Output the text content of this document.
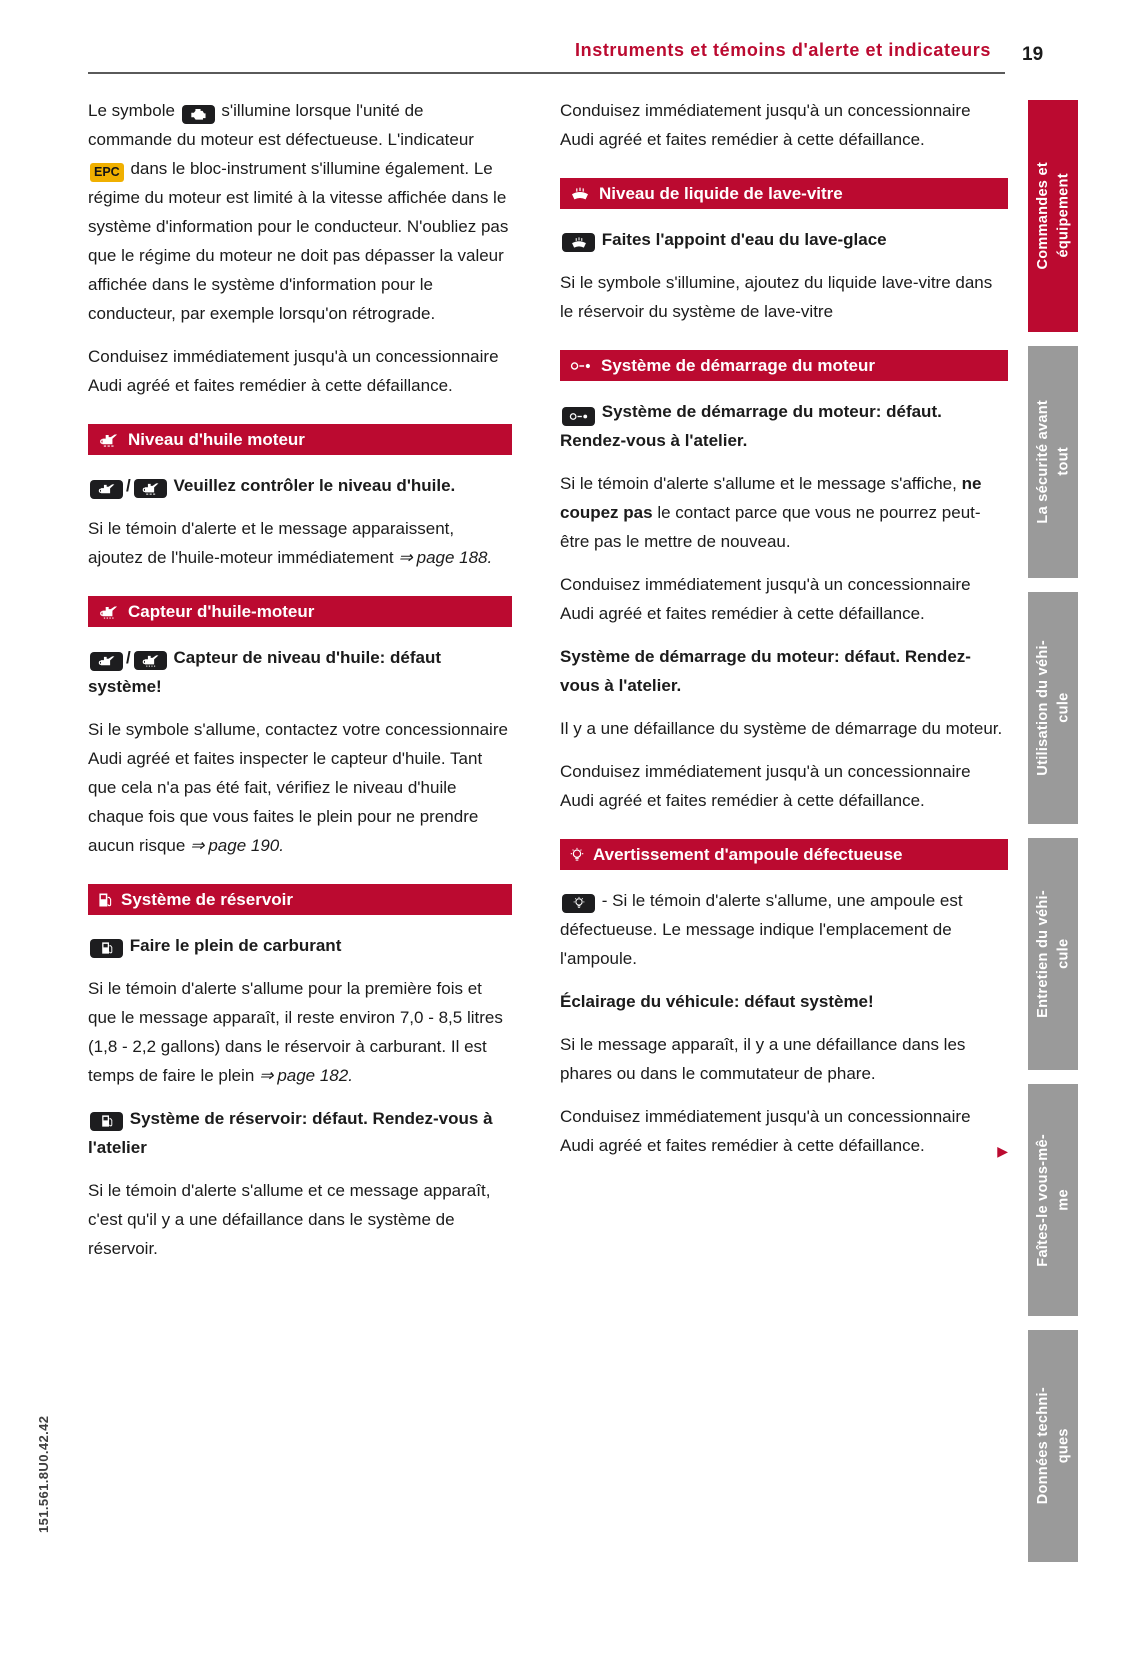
Instruments et témoins d'alerte et indicateurs	19

Le symbole	s'illumine lorsque l'unité de commande du moteur est défectueuse. L'indicateur EPC dans le bloc-instrument s'illumine également. Le régime du moteur est limité à la vitesse affichée dans le système d'information pour le conducteur. N'oubliez pas que le régime du moteur ne doit pas dépasser la valeur affichée dans le système d'information pour le conducteur, par exemple lorsqu'on rétrograde.

Conduisez immédiatement jusqu'à un concessionnaire Audi agréé et faites remédier à cette défaillance.

Niveau d'huile moteur

/	Veuillez contrôler le niveau d'huile.

Si le témoin d'alerte et le message apparaissent, ajoutez de l'huile-moteur immédiatement ⇒ page 188.

Capteur d'huile-moteur

/	Capteur de niveau d'huile: défaut système!

Si le symbole s'allume, contactez votre concessionnaire Audi agréé et faites inspecter le capteur d'huile. Tant que cela n'a pas été fait, vérifiez le niveau d'huile chaque fois que vous faites le plein pour ne prendre aucun risque ⇒ page 190.

Système de réservoir

Faire le plein de carburant

Si le témoin d'alerte s'allume pour la première fois et que le message apparaît, il reste environ 7,0 - 8,5 litres (1,8 - 2,2 gallons) dans le réservoir à carburant. Il est temps de faire le plein ⇒ page 182.

Système de réservoir: défaut. Rendez-vous à l'atelier

Si le témoin d'alerte s'allume et ce message apparaît, c'est qu'il y a une défaillance dans le système de réservoir.

Conduisez immédiatement jusqu'à un concessionnaire Audi agréé et faites remédier à cette défaillance.

Niveau de liquide de lave-vitre

Faites l'appoint d'eau du lave-glace

Si le symbole s'illumine, ajoutez du liquide lave-vitre dans le réservoir du système de lave-vitre

Système de démarrage du moteur

Système de démarrage du moteur: défaut. Rendez-vous à l'atelier.

Si le témoin d'alerte s'allume et le message s'affiche, ne coupez pas le contact parce que vous ne pourrez peut-être pas le mettre de nouveau.

Conduisez immédiatement jusqu'à un concessionnaire Audi agréé et faites remédier à cette défaillance.

Système de démarrage du moteur: défaut. Rendez-vous à l'atelier.

Il y a une défaillance du système de démarrage du moteur.

Conduisez immédiatement jusqu'à un concessionnaire Audi agréé et faites remédier à cette défaillance.

Avertissement d'ampoule défectueuse

- Si le témoin d'alerte s'allume, une ampoule est défectueuse. Le message indique l'emplacement de l'ampoule.

Éclairage du véhicule: défaut système!

Si le message apparaît, il y a une défaillance dans les phares ou dans le commutateur de phare.

Conduisez immédiatement jusqu'à un concessionnaire Audi agréé et faites remédier à cette défaillance.	▶

Commandes et équipement
La sécurité avant tout
Utilisation du véhi- cule
Entretien du véhi- cule
Faîtes-le vous-mê- me
Données techni- ques
151.561.8U0.42.42
